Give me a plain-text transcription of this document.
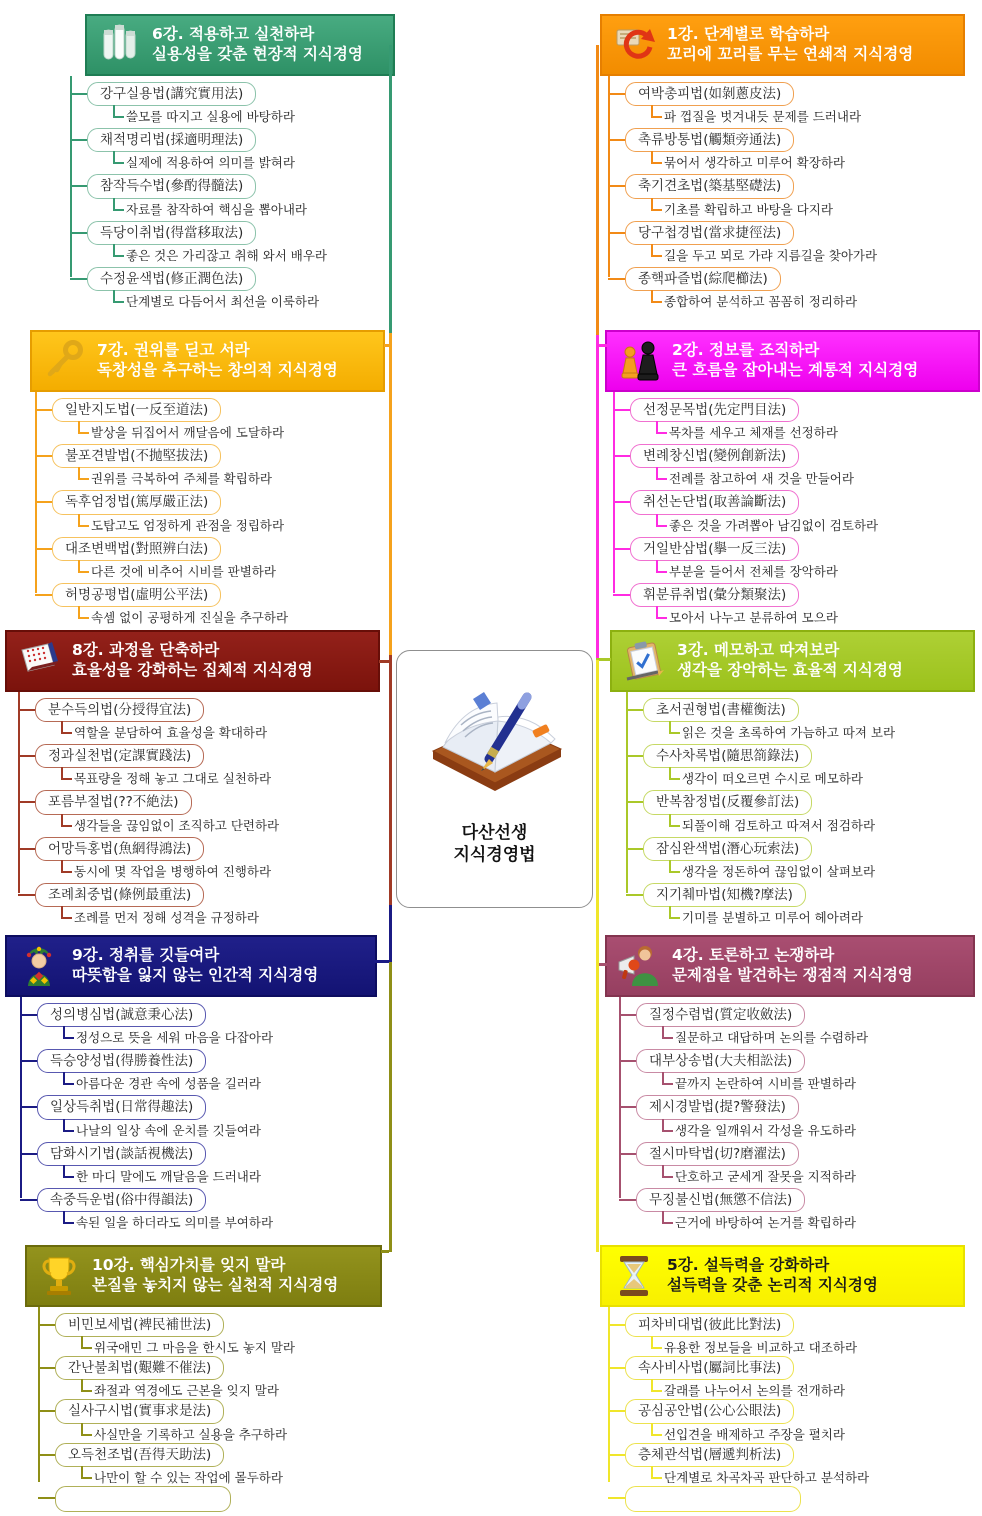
6강. 적용하고 실천하라
실용성을 갖춘 현장적 지식경영
강구실용법(講究實用法)
쓸모를 따지고 실용에 바탕하라
채적명리법(採適明理法)
실제에 적용하여 의미를 밝혀라
참작득수법(參酌得髓法)
자료를 참작하여 핵심을 뽑아내라
득당이취법(得當移取法)
좋은 것은 가리잖고 취해 와서 배우라
수정윤색법(修正潤色法)
단계별로 다듬어서 최선을 이룩하라
7강. 권위를 딛고 서라
독창성을 추구하는 창의적 지식경영
일반지도법(一反至道法)
발상을 뒤집어서 깨달음에 도달하라
불포견발법(不抛堅拔法)
권위를 극복하여 주체를 확립하라
독후엄정법(篤厚嚴正法)
도탑고도 엄정하게 관점을 정립하라
대조변백법(對照辨白法)
다른 것에 비추어 시비를 판별하라
허명공평법(虛明公平法)
속셈 없이 공평하게 진실을 추구하라
8강. 과정을 단축하라
효율성을 강화하는 집체적 지식경영
분수득의법(分授得宜法)
역할을 분담하여 효율성을 확대하라
정과실천법(定課實踐法)
목표량을 정해 놓고 그대로 실천하라
포름부절법(??不絶法)
생각들을 끊임없이 조직하고 단련하라
어망득홍법(魚網得鴻法)
동시에 몇 작업을 병행하여 진행하라
조례최중법(條例最重法)
조례를 먼저 정해 성격을 규정하라
9강. 정취를 깃들여라
따뜻함을 잃지 않는 인간적 지식경영
성의병심법(誠意秉心法)
정성으로 뜻을 세워 마음을 다잡아라
득승양성법(得勝養性法)
아름다운 경관 속에 성품을 길러라
일상득취법(日常得趣法)
나날의 일상 속에 운치를 깃들여라
담화시기법(談話視機法)
한 마디 말에도 깨달음을 드러내라
속중득운법(俗中得韻法)
속된 일을 하더라도 의미를 부여하라
10강. 핵심가치를 잊지 말라
본질을 놓치지 않는 실천적 지식경영
비민보세법(裨民補世法)
위국애민 그 마음을 한시도 놓지 말라
간난불최법(艱難不催法)
좌절과 역경에도 근본을 잊지 말라
실사구시법(實事求是法)
사실만을 기록하고 실용을 추구하라
오득천조법(吾得天助法)
나만이 할 수 있는 작업에 몰두하라
1강. 단계별로 학습하라
꼬리에 꼬리를 무는 연쇄적 지식경영
여박총피법(如剝蔥皮法)
파 껍질을 벗겨내듯 문제를 드러내라
촉류방통법(觸類旁通法)
묶어서 생각하고 미루어 확장하라
축기견초법(築基堅礎法)
기초를 확립하고 바탕을 다지라
당구첩경법(當求捷徑法)
길을 두고 뫼로 가랴 지름길을 찾아가라
종핵파즐법(綜爬櫛法)
종합하여 분석하고 꼼꼼히 정리하라
2강. 정보를 조직하라
큰 흐름을 잡아내는 계통적 지식경영
선정문목법(先定門目法)
목차를 세우고 체재를 선정하라
변례창신법(變例創新法)
전례를 참고하여 새 것을 만들어라
취선논단법(取善論斷法)
좋은 것을 가려뽑아 남김없이 검토하라
거일반삼법(擧一反三法)
부분을 들어서 전체를 장악하라
휘분류취법(彙分類聚法)
모아서 나누고 분류하여 모으라
3강. 메모하고 따져보라
생각을 장악하는 효율적 지식경영
초서권형법(書權衡法)
읽은 것을 초록하여 가늠하고 따져 보라
수사차록법(隨思箚錄法)
생각이 떠오르면 수시로 메모하라
반복참정법(反覆參訂法)
되풀이해 검토하고 따져서 점검하라
잠심완색법(潛心玩索法)
생각을 정돈하여 끊임없이 살펴보라
지기췌마법(知機?摩法)
기미를 분별하고 미루어 헤아려라
4강. 토론하고 논쟁하라
문제점을 발견하는 쟁점적 지식경영
질정수렴법(質定收斂法)
질문하고 대답하며 논의를 수렴하라
대부상송법(大夫相訟法)
끝까지 논란하여 시비를 판별하라
제시경발법(提?警發法)
생각을 일깨워서 각성을 유도하라
절시마탁법(切?磨濯法)
단호하고 굳세게 잘못을 지적하라
무징불신법(無懲不信法)
근거에 바탕하여 논거를 확립하라
5강. 설득력을 강화하라
설득력을 갖춘 논리적 지식경영
피차비대법(彼此比對法)
유용한 정보들을 비교하고 대조하라
속사비사법(屬詞比事法)
갈래를 나누어서 논의를 전개하라
공심공안법(公心公眼法)
선입견을 배제하고 주장을 펼치라
층체관석법(層遞判析法)
단계별로 차곡차곡 판단하고 분석하라
다산선생
지식경영법
